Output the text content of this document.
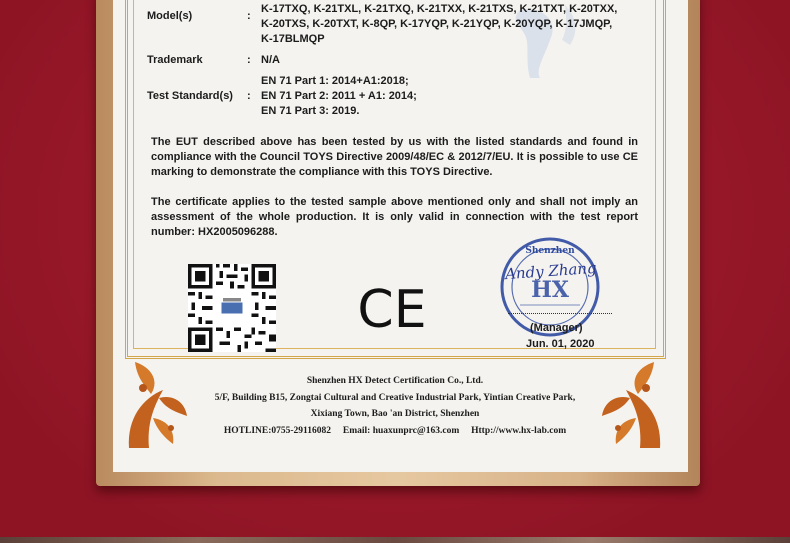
Model(s)	:
K-17TXQ, K-21TXL, K-21TXQ, K-21TXX, K-21TXS, K-21TXT, K-20TXX,
K-20TXS, K-20TXT, K-8QP, K-17YQP, K-21YQP, K-20YQP, K-17JMQP,
K-17BLMQP
Trademark	: N/A
Test Standard(s) :
EN 71 Part 1: 2014+A1:2018;
EN 71 Part 2: 2011 + A1: 2014;
EN 71 Part 3: 2019.
The EUT described above has been tested by us with the listed standards and found in compliance with the Council TOYS Directive 2009/48/EC & 2012/7/EU. It is possible to use CE marking to demonstrate the compliance with this TOYS Directive.
The certificate applies to the tested sample above mentioned only and shall not imply an assessment of the whole production. It is only valid in connection with the test report number: HX2005096288.
CE
Shenzhen
HX
Andy Zhang
(Manager)
Jun. 01, 2020
Shenzhen HX Detect Certification Co., Ltd.
5/F, Building B15, Zongtai Cultural and Creative Industrial Park, Yintian Creative Park,
Xixiang Town, Bao 'an District, Shenzhen
HOTLINE:0755-29116082     Email: huaxunprc@163.com     Http://www.hx-lab.com
